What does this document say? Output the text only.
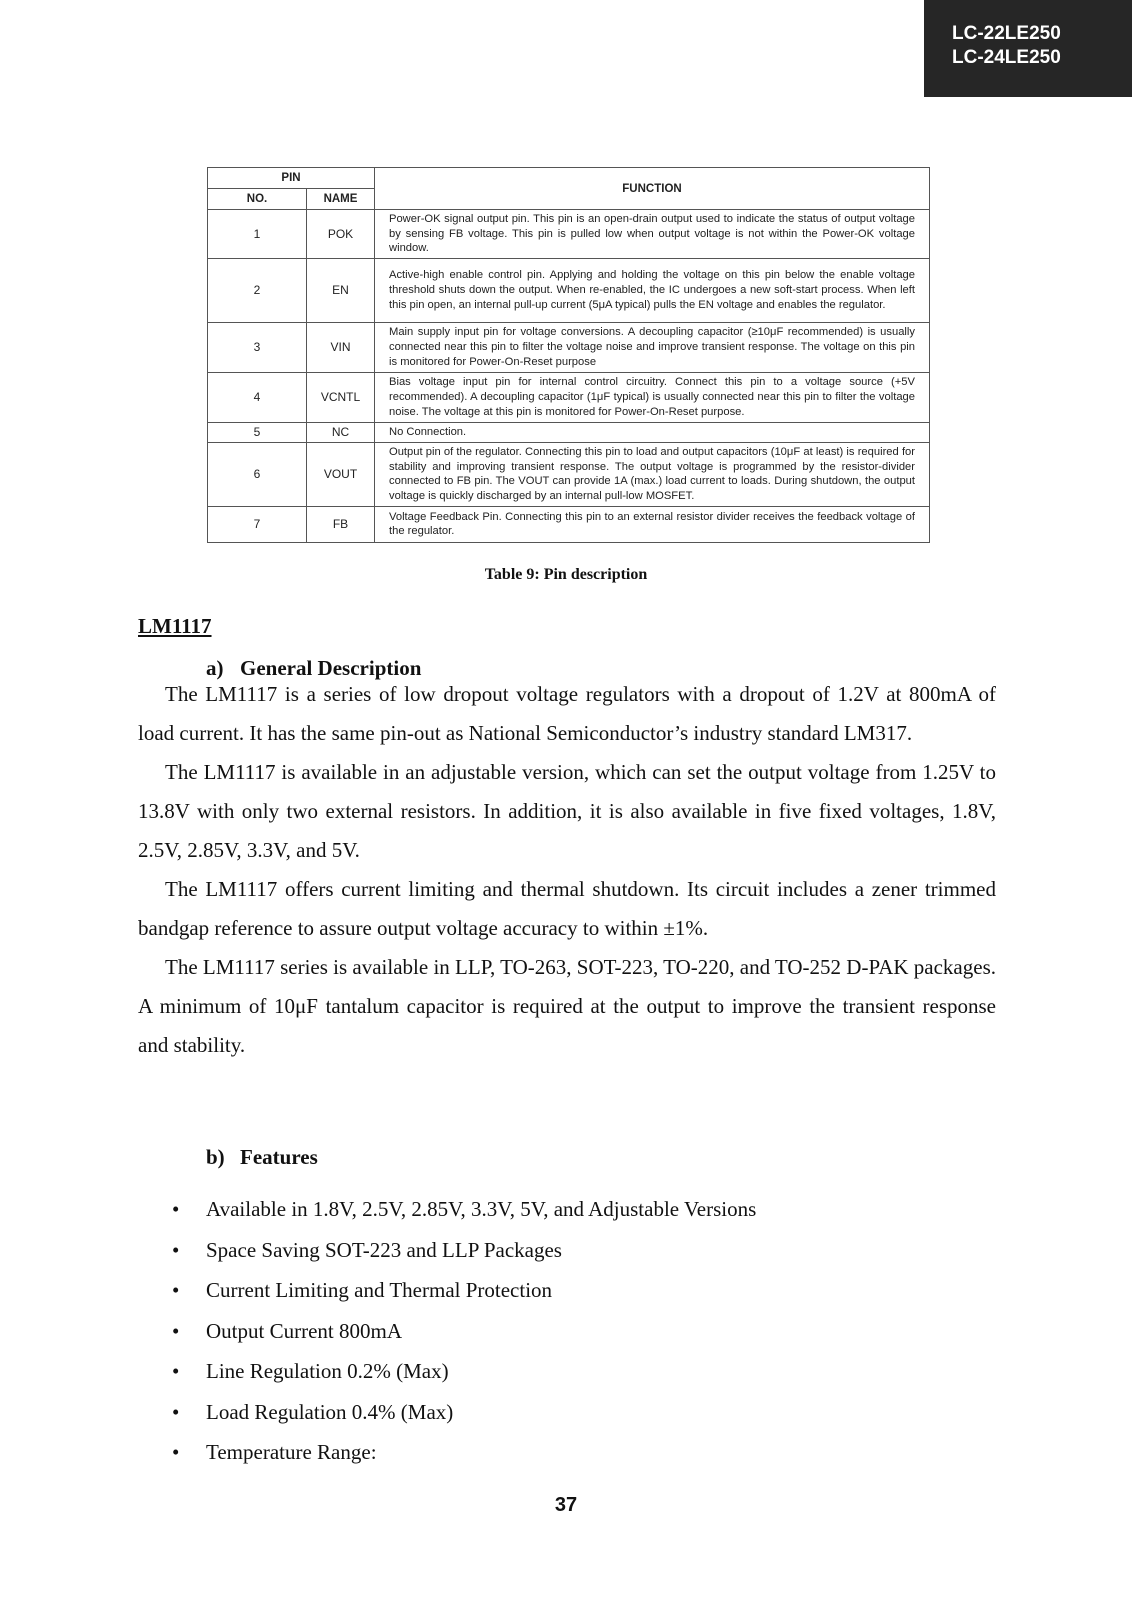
LC-22LE250
LC-24LE250
PIN		FUNCTION
NO.	NAME	
1	POK	Power-OK signal output pin. This pin is an open-drain output used to indicate the status of output voltage by sensing FB voltage. This pin is pulled low when output voltage is not within the Power-OK voltage window.
2	EN	Active-high enable control pin. Applying and holding the voltage on this pin below the enable voltage threshold shuts down the output. When re-enabled, the IC undergoes a new soft-start process. When left this pin open, an internal pull-up current (5μA typical) pulls the EN voltage and enables the regulator.
3	VIN	Main supply input pin for voltage conversions. A decoupling capacitor (≥10μF recommended) is usually connected near this pin to filter the voltage noise and improve transient response. The voltage on this pin is monitored for Power-On-Reset purpose
4	VCNTL	Bias voltage input pin for internal control circuitry. Connect this pin to a voltage source (+5V recommended). A decoupling capacitor (1μF typical) is usually connected near this pin to filter the voltage noise. The voltage at this pin is monitored for Power-On-Reset purpose.
5	NC	No Connection.
6	VOUT	Output pin of the regulator. Connecting this pin to load and output capacitors (10μF at least) is required for stability and improving transient response. The output voltage is programmed by the resistor-divider connected to FB pin. The VOUT can provide 1A (max.) load current to loads. During shutdown, the output voltage is quickly discharged by an internal pull-low MOSFET.
7	FB	Voltage Feedback Pin. Connecting this pin to an external resistor divider receives the feedback voltage of the regulator.
Table 9: Pin description
LM1117
a) General Description

The LM1117 is a series of low dropout voltage regulators with a dropout of 1.2V at 800mA of load current. It has the same pin-out as National Semiconductor’s industry standard LM317.

The LM1117 is available in an adjustable version, which can set the output voltage from 1.25V to 13.8V with only two external resistors. In addition, it is also available in five fixed voltages, 1.8V, 2.5V, 2.85V, 3.3V, and 5V.

The LM1117 offers current limiting and thermal shutdown. Its circuit includes a zener trimmed bandgap reference to assure output voltage accuracy to within ±1%.

The LM1117 series is available in LLP, TO-263, SOT-223, TO-220, and TO-252 D-PAK packages. A minimum of 10μF tantalum capacitor is required at the output to improve the transient response and stability.

b) Features
• Available in 1.8V, 2.5V, 2.85V, 3.3V, 5V, and Adjustable Versions
• Space Saving SOT-223 and LLP Packages
• Current Limiting and Thermal Protection
• Output Current 800mA
• Line Regulation 0.2% (Max)
• Load Regulation 0.4% (Max)
• Temperature Range:
37
